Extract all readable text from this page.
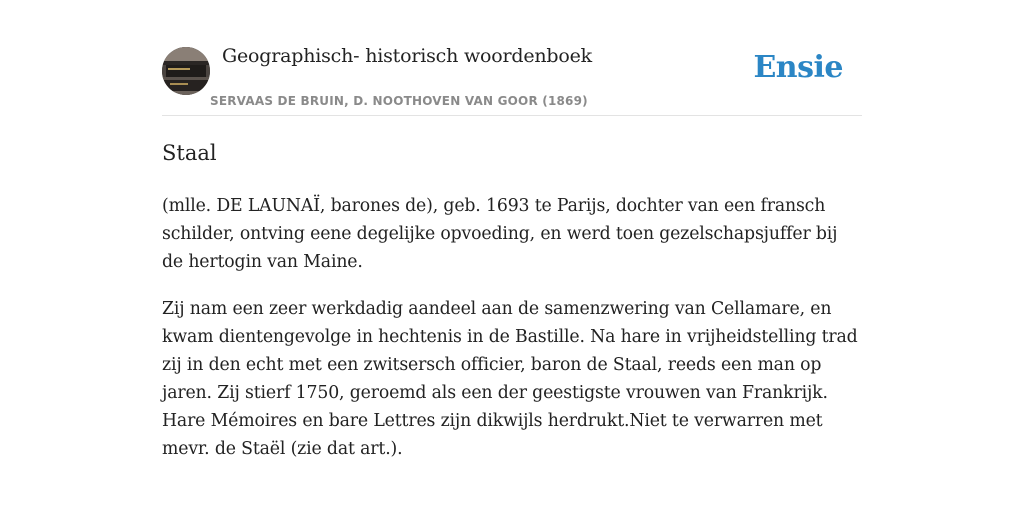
Geographisch- historisch woordenboek
SERVAAS DE BRUIN, D. NOOTHOVEN VAN GOOR (1869)
Ensie
Staal

(mlle. DE LAUNAÏ, barones de), geb. 1693 te Parijs, dochter van een fransch schilder, ontving eene degelijke opvoeding, en werd toen gezelschapsjuffer bij de hertogin van Maine.

Zij nam een zeer werkdadig aandeel aan de samenzwering van Cellamare, en kwam dientengevolge in hechtenis in de Bastille. Na hare in vrijheidstelling trad zij in den echt met een zwitsersch officier, baron de Staal, reeds een man op jaren. Zij stierf 1750, geroemd als een der geestigste vrouwen van Frankrijk. Hare Mémoires en bare Lettres zijn dikwijls herdrukt.Niet te verwarren met mevr. de Staël (zie dat art.).
